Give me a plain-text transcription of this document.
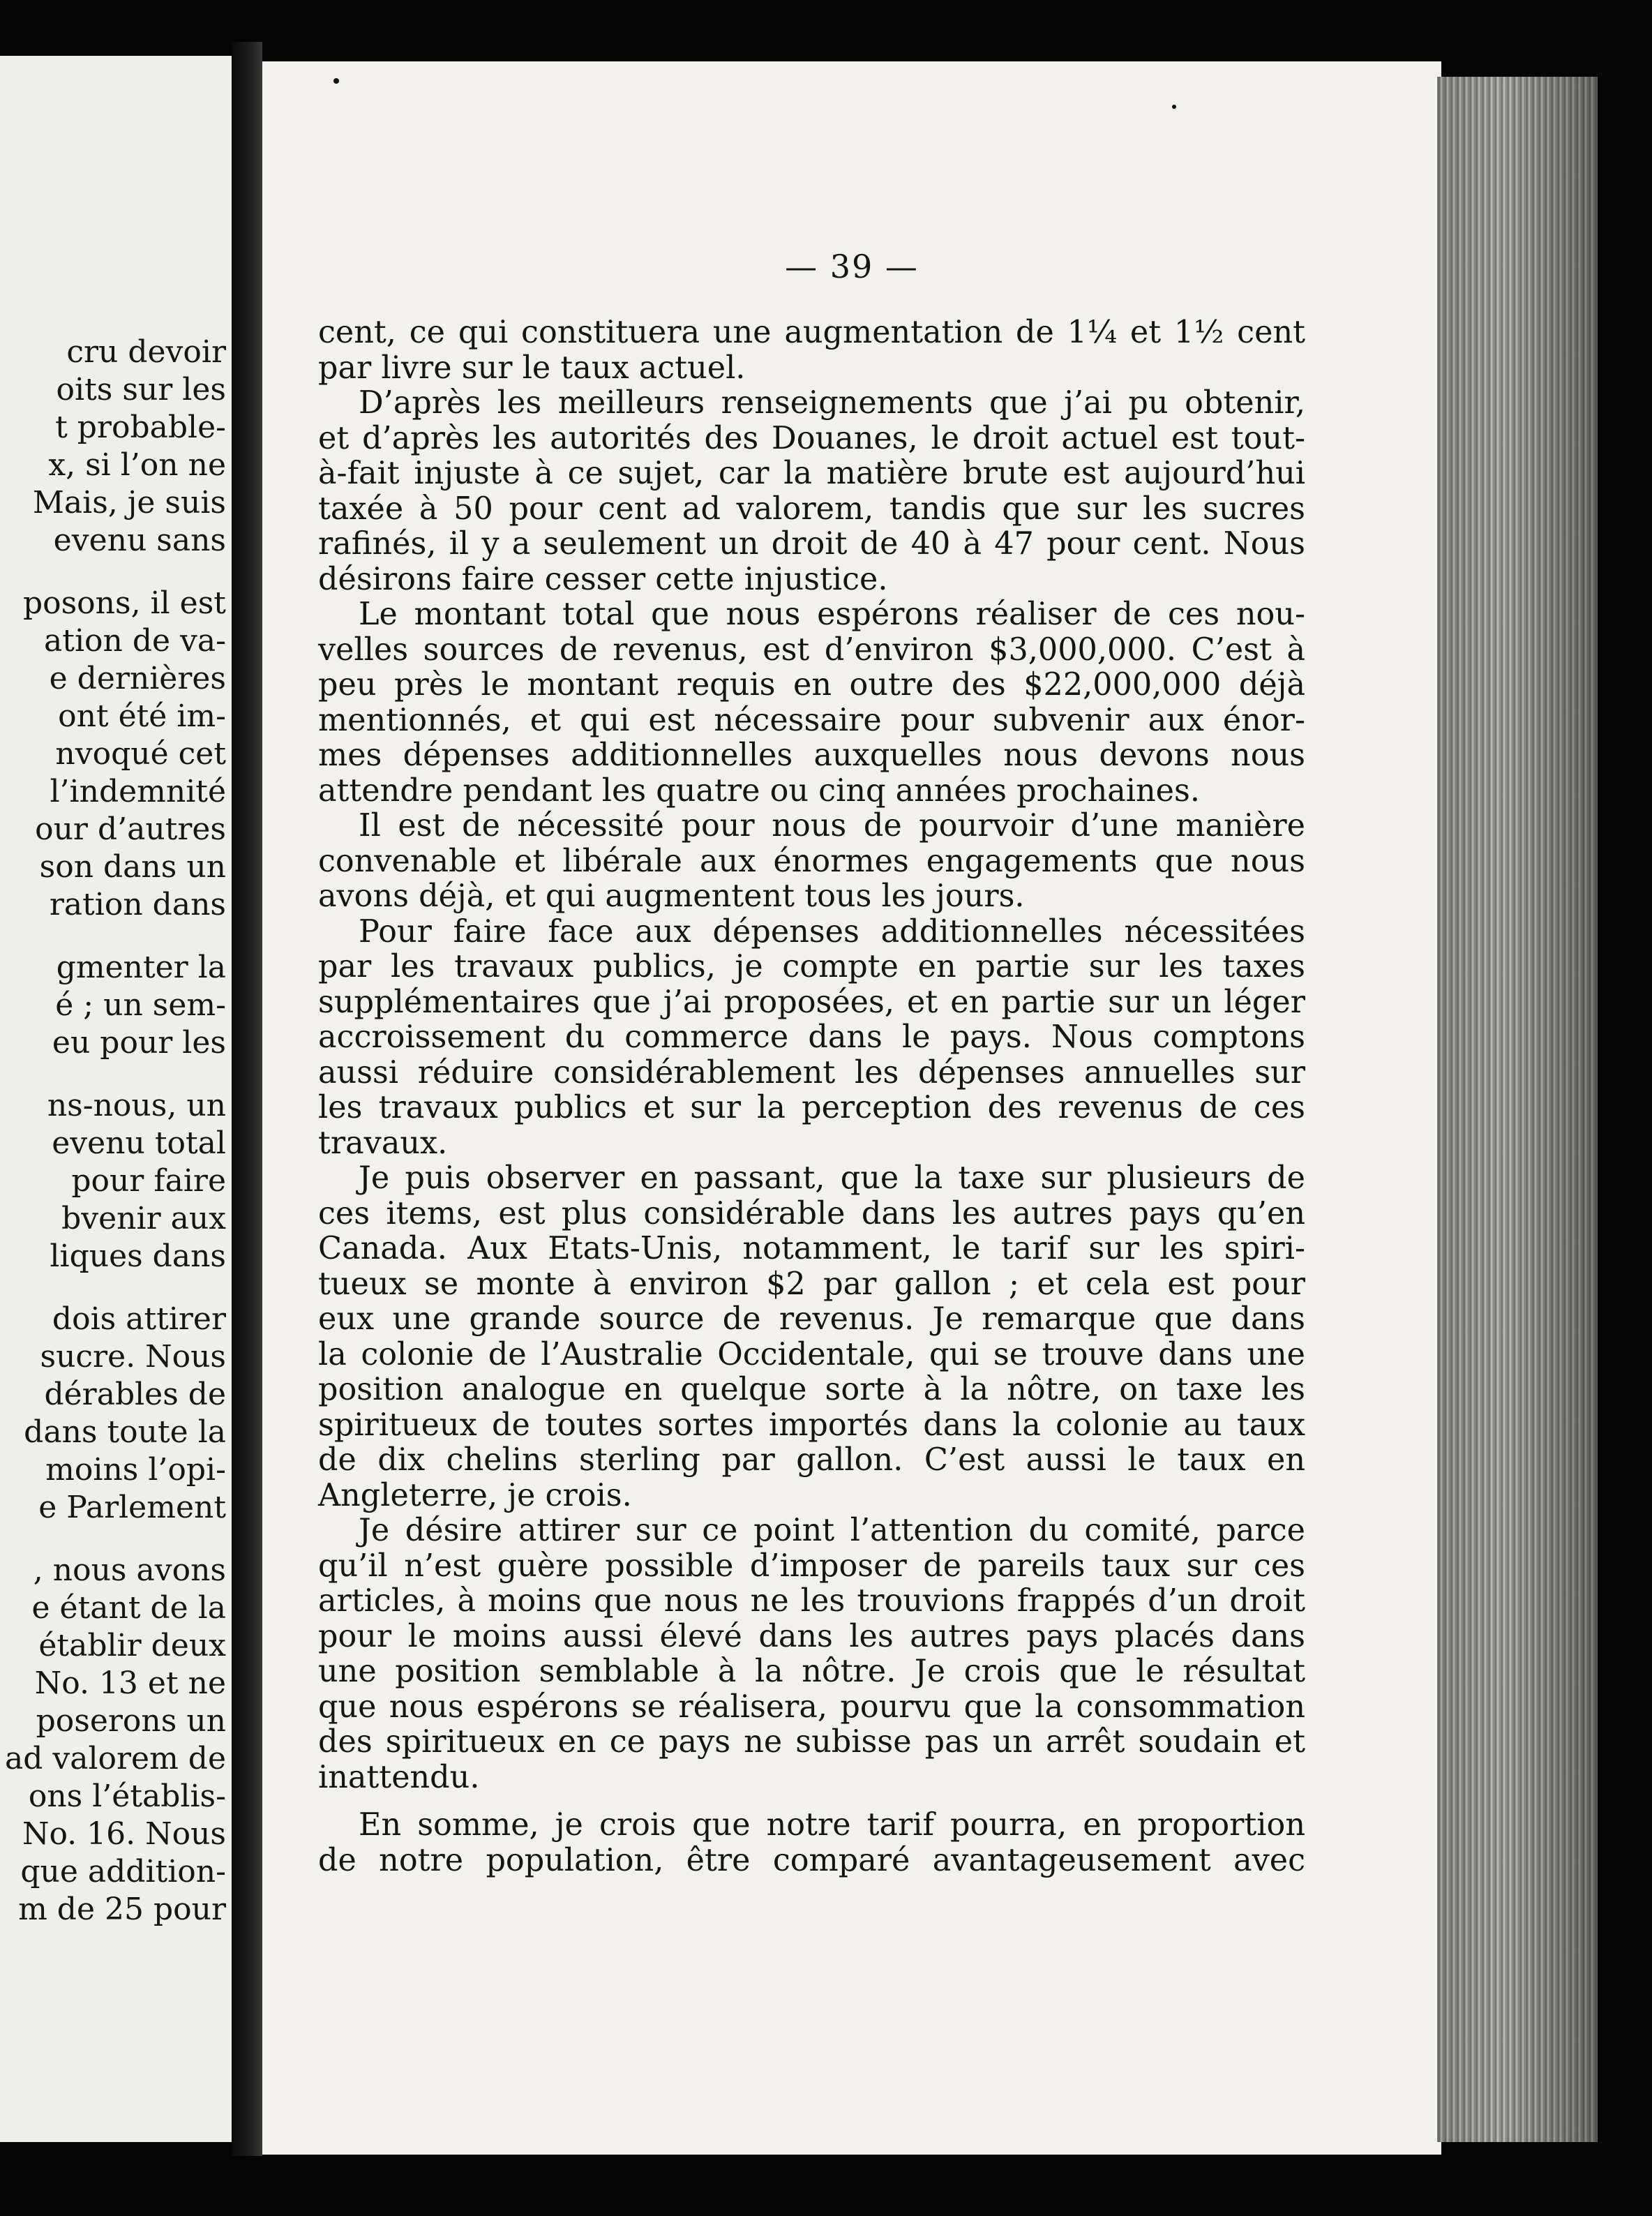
cru devoir
oits sur les
t probable-
x, si l’on ne
Mais, je suis
evenu sans
posons, il est
ation de va-
e dernières
ont été im-
nvoqué cet
l’indemnité
our d’autres
son dans un
ration dans
gmenter la
é ; un sem-
eu pour les
ns-nous, un
evenu total
pour faire
bvenir aux
liques dans
dois attirer
sucre. Nous
dérables de
dans toute la
moins l’opi-
e Parlement
, nous avons
e étant de la
établir deux
No. 13 et ne
poserons un
ad valorem de
ons l’établis-
No. 16. Nous
que addition-
m de 25 pour
— 39 —
cent, ce qui constituera une augmentation de 1¼ et 1½ cent
par livre sur le taux actuel.
D’après les meilleurs renseignements que j’ai pu obtenir,
et d’après les autorités des Douanes, le droit actuel est tout-
à-fait injuste à ce sujet, car la matière brute est aujourd’hui
taxée à 50 pour cent ad valorem, tandis que sur les sucres
rafinés, il y a seulement un droit de 40 à 47 pour cent. Nous
désirons faire cesser cette injustice.
Le montant total que nous espérons réaliser de ces nou-
velles sources de revenus, est d’environ $3,000,000. C’est à
peu près le montant requis en outre des $22,000,000 déjà
mentionnés, et qui est nécessaire pour subvenir aux énor-
mes dépenses additionnelles auxquelles nous devons nous
attendre pendant les quatre ou cinq années prochaines.
Il est de nécessité pour nous de pourvoir d’une manière
convenable et libérale aux énormes engagements que nous
avons déjà, et qui augmentent tous les jours.
Pour faire face aux dépenses additionnelles nécessitées
par les travaux publics, je compte en partie sur les taxes
supplémentaires que j’ai proposées, et en partie sur un léger
accroissement du commerce dans le pays. Nous comptons
aussi réduire considérablement les dépenses annuelles sur
les travaux publics et sur la perception des revenus de ces
travaux.
Je puis observer en passant, que la taxe sur plusieurs de
ces items, est plus considérable dans les autres pays qu’en
Canada. Aux Etats-Unis, notamment, le tarif sur les spiri-
tueux se monte à environ $2 par gallon ; et cela est pour
eux une grande source de revenus. Je remarque que dans
la colonie de l’Australie Occidentale, qui se trouve dans une
position analogue en quelque sorte à la nôtre, on taxe les
spiritueux de toutes sortes importés dans la colonie au taux
de dix chelins sterling par gallon. C’est aussi le taux en
Angleterre, je crois.
Je désire attirer sur ce point l’attention du comité, parce
qu’il n’est guère possible d’imposer de pareils taux sur ces
articles, à moins que nous ne les trouvions frappés d’un droit
pour le moins aussi élevé dans les autres pays placés dans
une position semblable à la nôtre. Je crois que le résultat
que nous espérons se réalisera, pourvu que la consommation
des spiritueux en ce pays ne subisse pas un arrêt soudain et
inattendu.
En somme, je crois que notre tarif pourra, en proportion
de notre population, être comparé avantageusement avec
